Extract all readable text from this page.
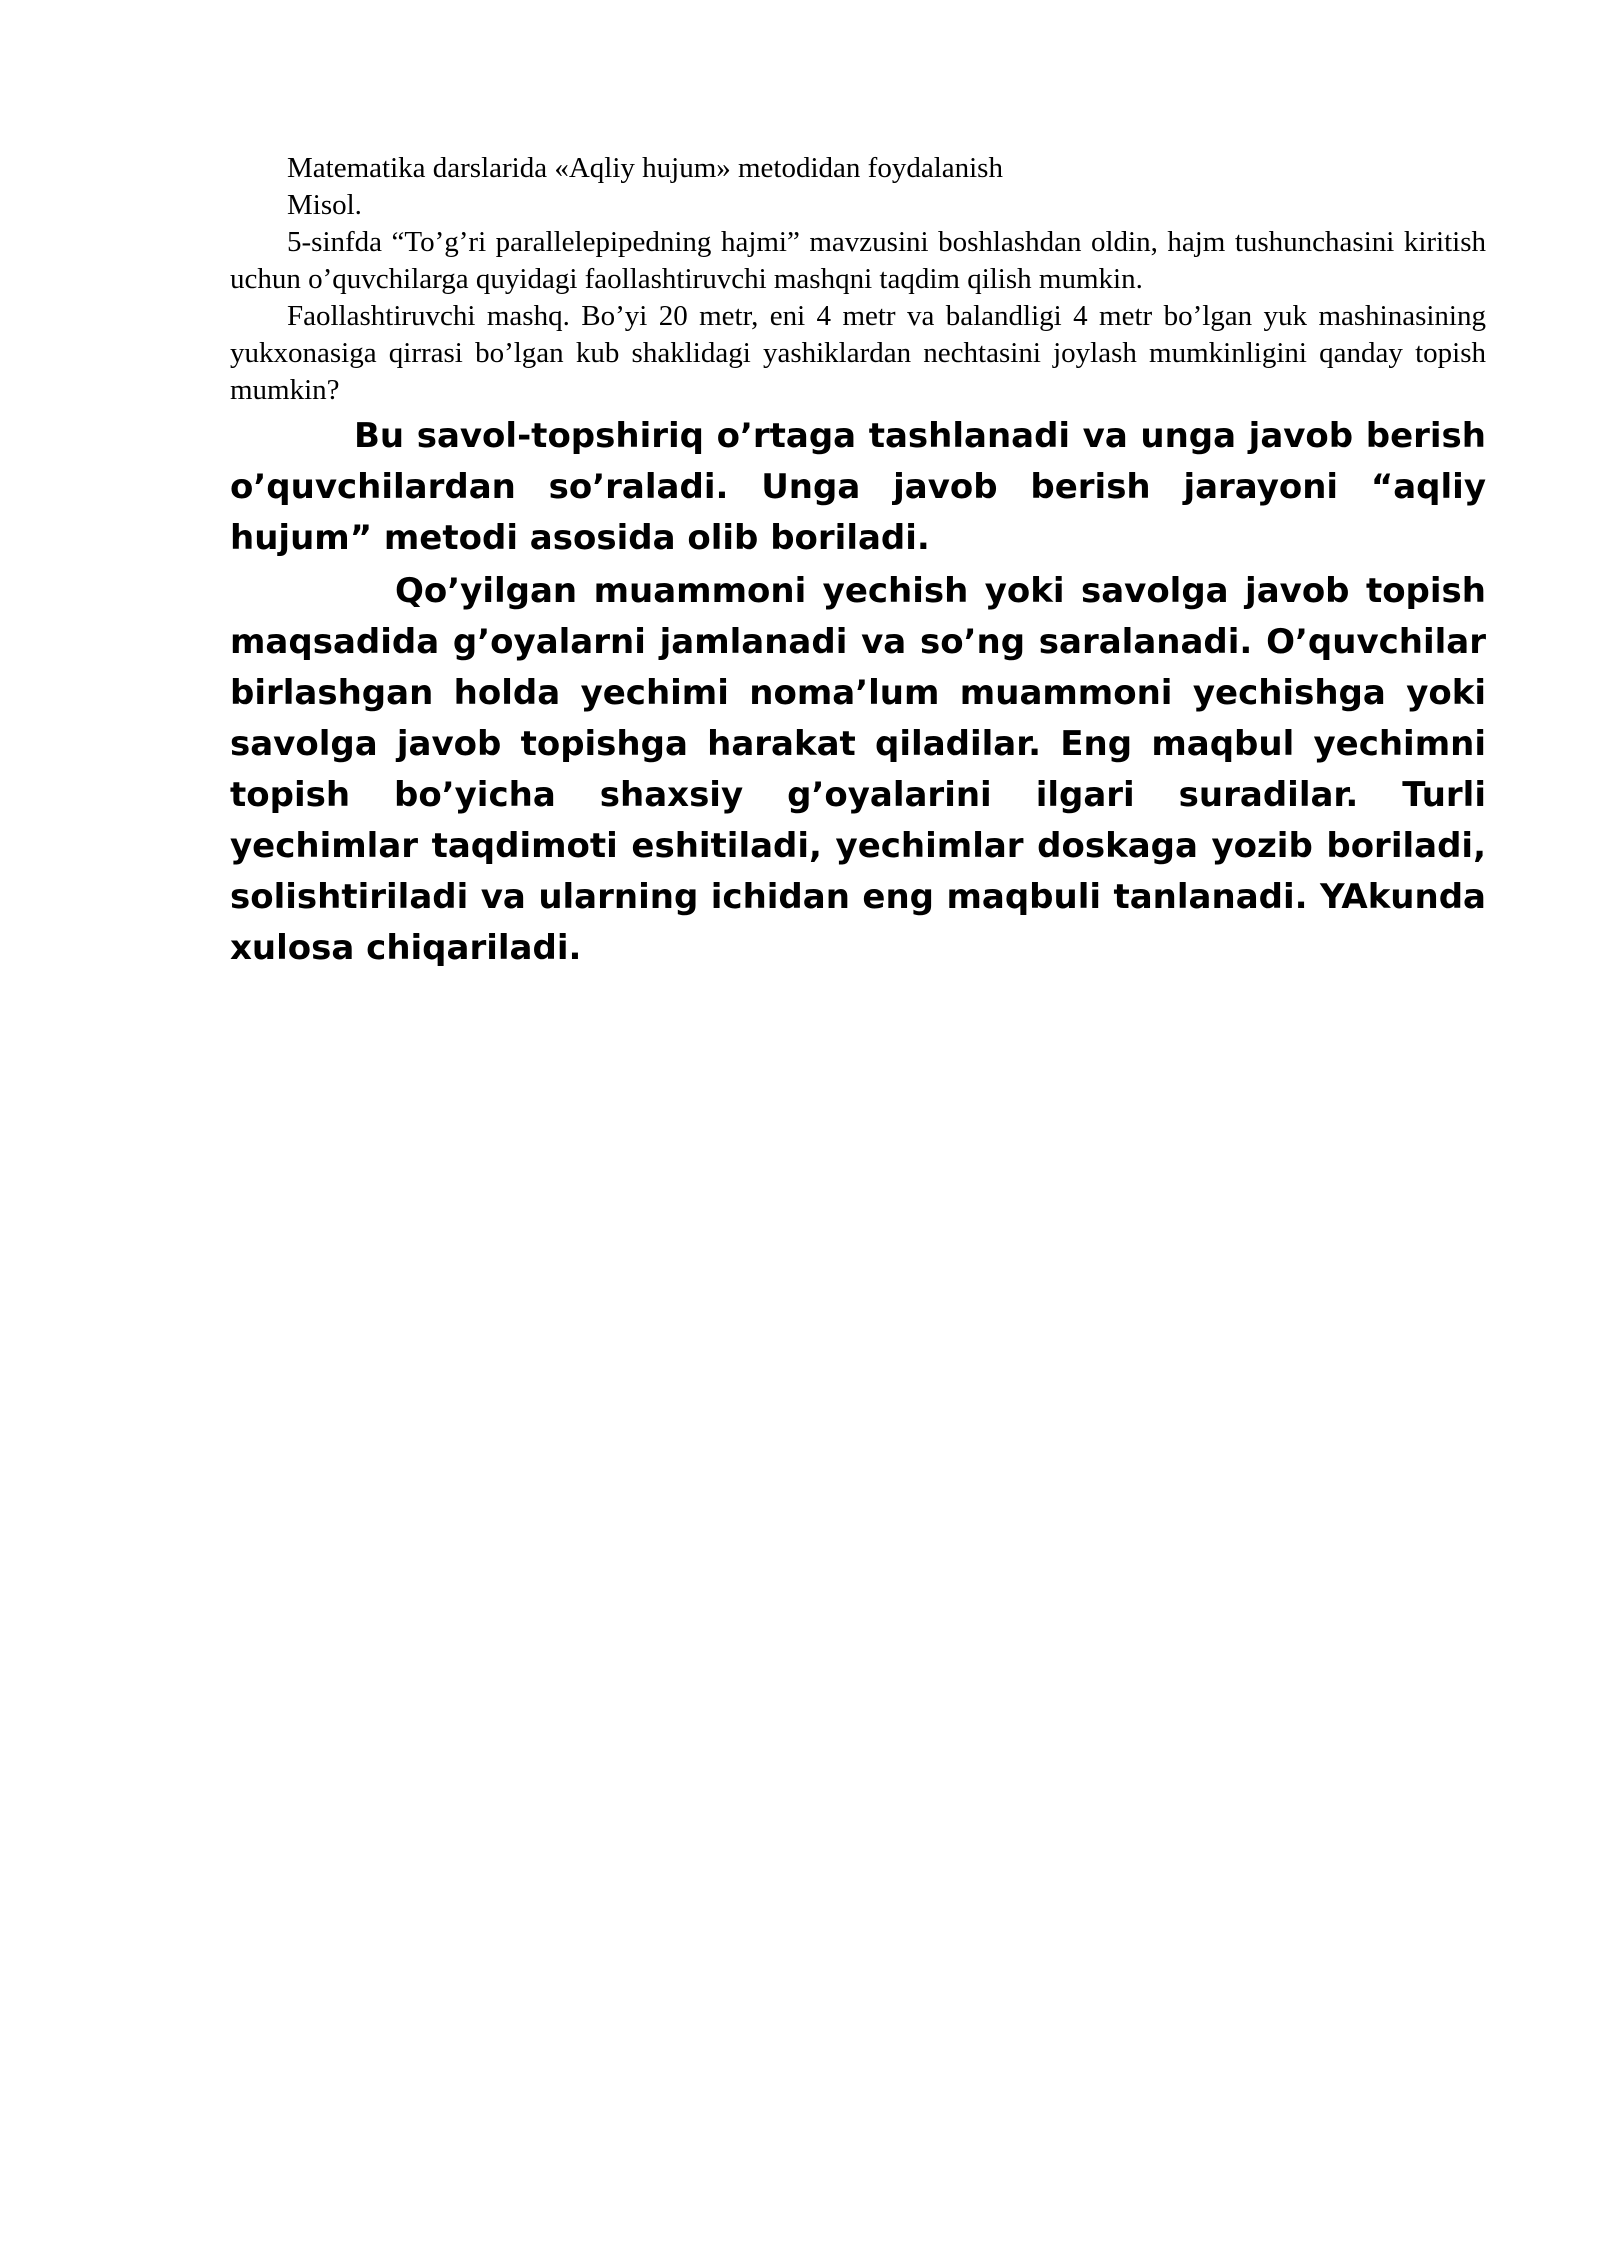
Matematika darslarida «Aqliy hujum» metodidan foydalanish

Misol.

5-sinfda “To’g’ri parallelepipedning hajmi” mavzusini boshlashdan oldin, hajm tushunchasini kiritish uchun o’quvchilarga quyidagi faollashtiruvchi mashqni taqdim qilish mumkin.

Faollashtiruvchi mashq. Bo’yi 20 metr, eni 4 metr va balandligi 4 metr bo’lgan yuk mashinasining yukxonasiga qirrasi bo’lgan kub shaklidagi yashiklardan nechtasini joylash mumkinligini qanday topish mumkin?

Bu savol-topshiriq o’rtaga tashlanadi va unga javob berish o’quvchilardan so’raladi. Unga javob berish jarayoni “aqliy hujum” metodi asosida olib boriladi.

Qo’yilgan muammoni yechish yoki savolga javob topish maqsadida g’oyalarni jamlanadi va so’ng saralanadi. O’quvchilar birlashgan holda yechimi noma’lum muammoni yechishga yoki savolga javob topishga harakat qiladilar. Eng maqbul yechimni topish bo’yicha shaxsiy g’oyalarini ilgari suradilar. Turli yechimlar taqdimoti eshitiladi, yechimlar doskaga yozib boriladi, solishtiriladi va ularning ichidan eng maqbuli tanlanadi. YAkunda xulosa chiqariladi.
